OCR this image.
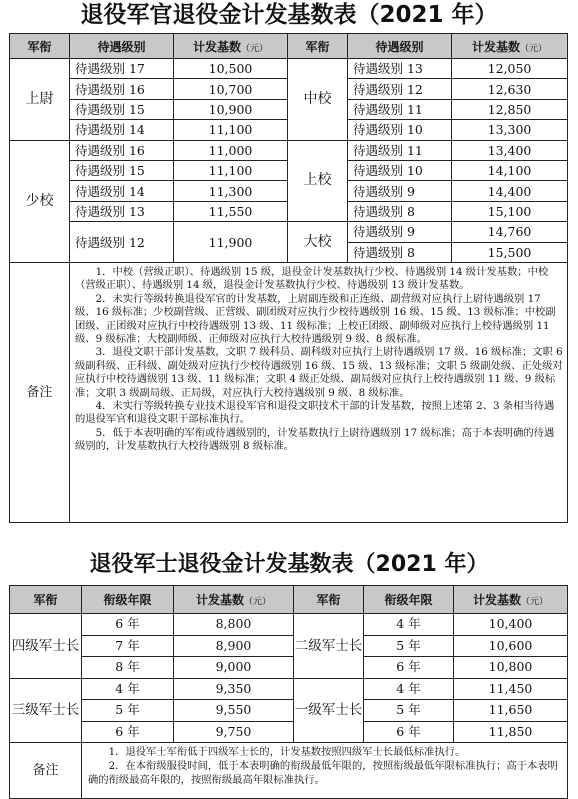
退役军官退役金计发基数表（2021 年）
军衔	待遇级别	计发基数（元）	军衔	待遇级别	计发基数（元）
上尉	待遇级别 17	10,500	中校	待遇级别 13	12,050
	待遇级别 16	10,700		待遇级别 12	12,630
	待遇级别 15	10,900		待遇级别 11	12,850
	待遇级别 14	11,100		待遇级别 10	13,300
少校	待遇级别 16	11,000	上校	待遇级别 11	13,400
	待遇级别 15	11,100		待遇级别 10	14,100
	待遇级别 14	11,300		待遇级别 9	14,400
	待遇级别 13	11,550		待遇级别 8	15,100
	待遇级别 12	11,900	大校	待遇级别 9	14,760
				待遇级别 8	15,500
备注	1．中校（营级正职）、待遇级别 15 级，退役金计发基数执行少校、待遇级别 14 级计发基数；中校（营级正职）、待遇级别 14 级，退役金计发基数执行少校、待遇级别 13 级计发基数。

2．未实行等级转换退役军官的计发基数，上尉副连级和正连级、副营级对应执行上尉待遇级别 17 级、16 级标准；少校副营级、正营级、副团级对应执行少校待遇级别 16 级、15 级、13 级标准；中校副团级、正团级对应执行中校待遇级别 13 级、11 级标准；上校正团级、副师级对应执行上校待遇级别 11 级、9 级标准；大校副师级、正师级对应执行大校待遇级别 9 级、8 级标准。

3．退役文职干部计发基数，文职 7 级科员、副科级对应执行上尉待遇级别 17 级、16 级标准；文职 6 级副科级、正科级、副处级对应执行少校待遇级别 16 级、15 级、13 级标准；文职 5 级副处级、正处级对应执行中校待遇级别 13 级、11 级标准；文职 4 级正处级、副局级对应执行上校待遇级别 11 级、9 级标准；文职 3 级副局级、正局级，对应执行大校待遇级别 9 级、8 级标准。

4．未实行等级转换专业技术退役军官和退役文职技术干部的计发基数，按照上述第 2、3 条相当待遇的退役军官和退役文职干部标准执行。

5．低于本表明确的军衔或待遇级别的，计发基数执行上尉待遇级别 17 级标准；高于本表明确的待遇级别的，计发基数执行大校待遇级别 8 级标准。				

退役军士退役金计发基数表（2021 年）
军衔	衔级年限	计发基数（元）	军衔	衔级年限	计发基数（元）
四级军士长	6 年	8,800	二级军士长	4 年	10,400
	7 年	8,900		5 年	10,600
	8 年	9,000		6 年	10,800
三级军士长	4 年	9,350	一级军士长	4 年	11,450
	5 年	9,550		5 年	11,650
	6 年	9,750		6 年	11,850
备注	1．退役军士军衔低于四级军士长的，计发基数按照四级军士长最低标准执行。

2．在本衔级服役时间，低于本表明确的衔级最低年限的，按照衔级最低年限标准执行；高于本表明确的衔级最高年限的，按照衔级最高年限标准执行。				
